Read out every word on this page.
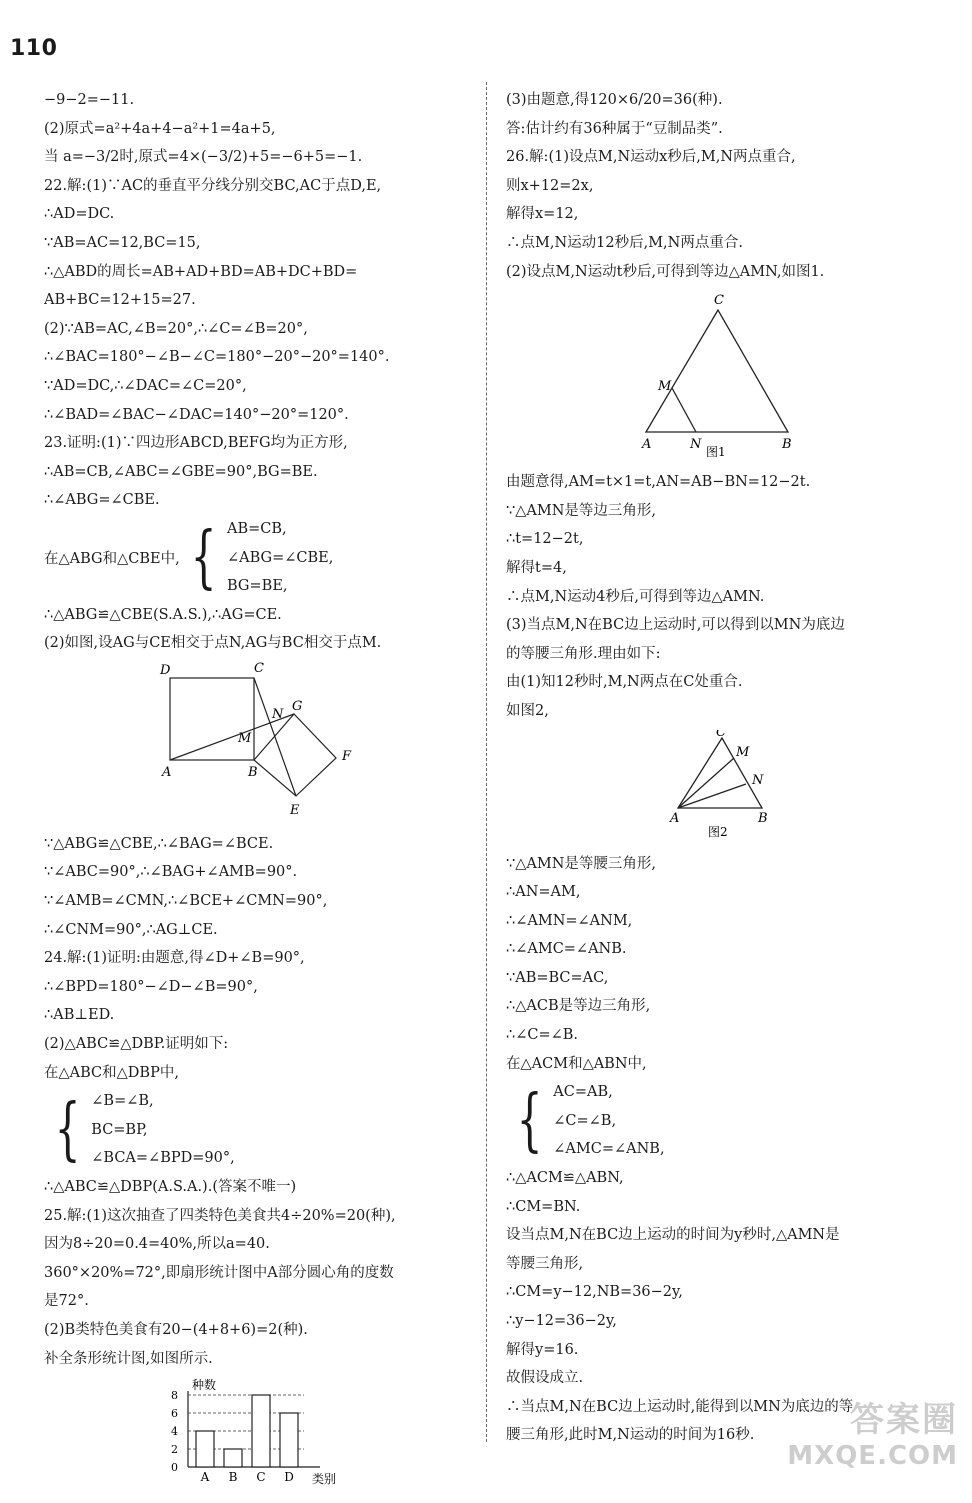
110
−9−2=−11.
(2)原式=a²+4a+4−a²+1=4a+5,
当 a=−3/2时,原式=4×(−3/2)+5=−6+5=−1.
22.解:(1)∵AC的垂直平分线分别交BC,AC于点D,E,
∴AD=DC.
∵AB=AC=12,BC=15,
∴△ABD的周长=AB+AD+BD=AB+DC+BD=
AB+BC=12+15=27.
(2)∵AB=AC,∠B=20°,∴∠C=∠B=20°,
∴∠BAC=180°−∠B−∠C=180°−20°−20°=140°.
∵AD=DC,∴∠DAC=∠C=20°,
∴∠BAD=∠BAC−∠DAC=140°−20°=120°.
23.证明:(1)∵四边形ABCD,BEFG均为正方形,
∴AB=CB,∠ABC=∠GBE=90°,BG=BE.
∴∠ABG=∠CBE.
在△ABG和△CBE中, { AB=CB,
∠ABG=∠CBE,
BG=BE,
∴△ABG≌△CBE(S.A.S.),∴AG=CE.
(2)如图,设AG与CE相交于点N,AG与BC相交于点M.
D	C
A	B
M
N
G
F
E
∵△ABG≌△CBE,∴∠BAG=∠BCE.
∵∠ABC=90°,∴∠BAG+∠AMB=90°.
∵∠AMB=∠CMN,∴∠BCE+∠CMN=90°,
∴∠CNM=90°,∴AG⊥CE.
24.解:(1)证明:由题意,得∠D+∠B=90°,
∴∠BPD=180°−∠D−∠B=90°,
∴AB⊥ED.
(2)△ABC≌△DBP.证明如下:
在△ABC和△DBP中,
{ ∠B=∠B,
BC=BP,
∠BCA=∠BPD=90°,
∴△ABC≌△DBP(A.S.A.).(答案不唯一)
25.解:(1)这次抽查了四类特色美食共4÷20%=20(种),
因为8÷20=0.4=40%,所以a=40.
360°×20%=72°,即扇形统计图中A部分圆心角的度数
是72°.
(2)B类特色美食有20−(4+8+6)=2(种).
补全条形统计图,如图所示.
种数
类别
0
2
4
6
8
A B C D
(3)由题意,得120×6/20=36(种).
答:估计约有36种属于“豆制品类”.
26.解:(1)设点M,N运动x秒后,M,N两点重合,
则x+12=2x,
解得x=12,
∴点M,N运动12秒后,M,N两点重合.
(2)设点M,N运动t秒后,可得到等边△AMN,如图1.
C
M
A	N	B
图1
由题意得,AM=t×1=t,AN=AB−BN=12−2t.
∵△AMN是等边三角形,
∴t=12−2t,
解得t=4,
∴点M,N运动4秒后,可得到等边△AMN.
(3)当点M,N在BC边上运动时,可以得到以MN为底边
的等腰三角形.理由如下:
由(1)知12秒时,M,N两点在C处重合.
如图2,
C
M
N
A	B
图2
∵△AMN是等腰三角形,
∴AN=AM,
∴∠AMN=∠ANM,
∴∠AMC=∠ANB.
∵AB=BC=AC,
∴△ACB是等边三角形,
∴∠C=∠B.
在△ACM和△ABN中,
{ AC=AB,
∠C=∠B,
∠AMC=∠ANB,
∴△ACM≌△ABN,
∴CM=BN.
设当点M,N在BC边上运动的时间为y秒时,△AMN是
等腰三角形,
∴CM=y−12,NB=36−2y,
∴y−12=36−2y,
解得y=16.
故假设成立.
∴当点M,N在BC边上运动时,能得到以MN为底边的等
腰三角形,此时M,N运动的时间为16秒.	答案圈
MXQE.COM
